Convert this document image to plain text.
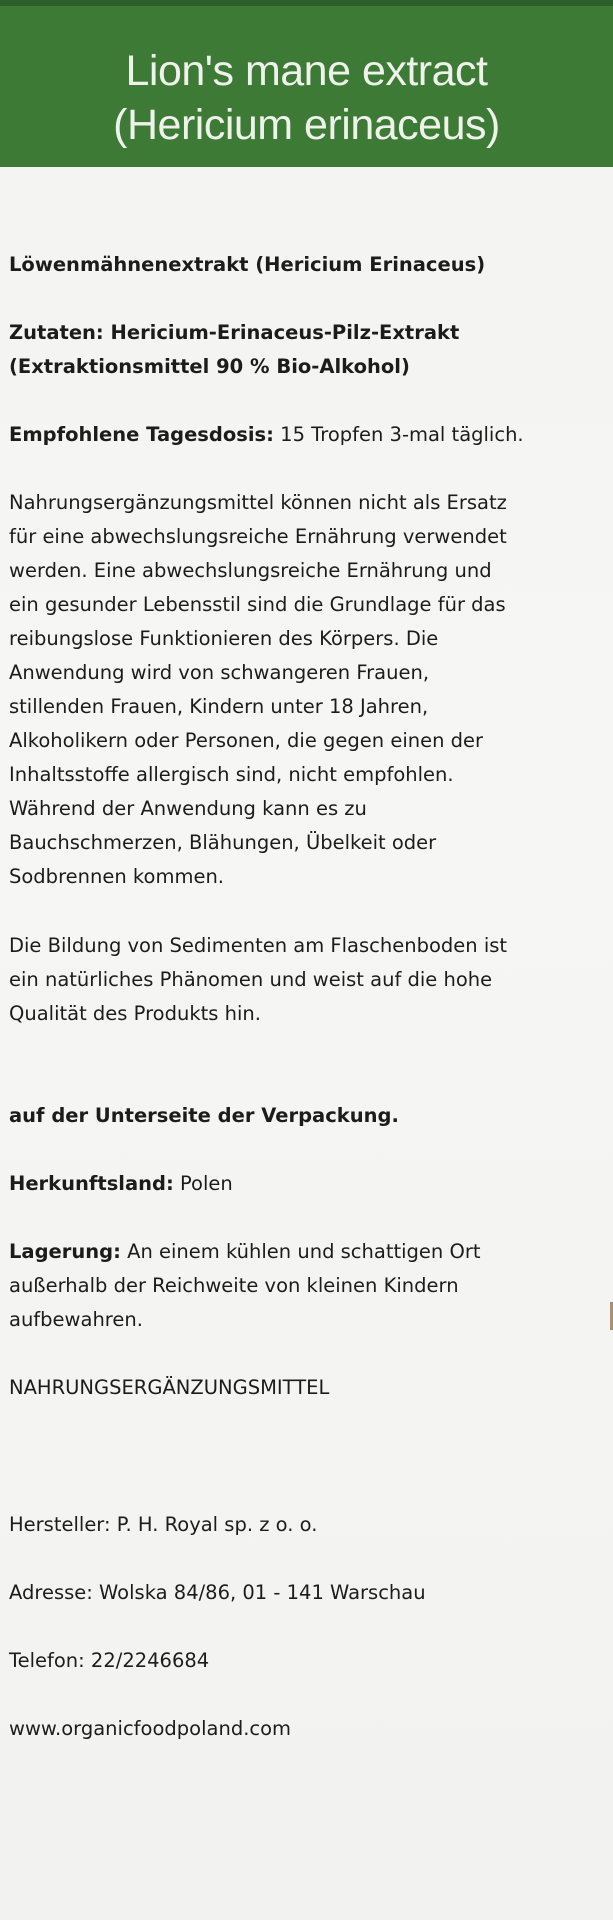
Lion's mane extract
(Hericium erinaceus)

Löwenmähnenextrakt (Hericium Erinaceus)

Zutaten: Hericium-Erinaceus-Pilz-Extrakt
(Extraktionsmittel 90 % Bio-Alkohol)

Empfohlene Tagesdosis: 15 Tropfen 3-mal täglich.

Nahrungsergänzungsmittel können nicht als Ersatz
für eine abwechslungsreiche Ernährung verwendet
werden. Eine abwechslungsreiche Ernährung und
ein gesunder Lebensstil sind die Grundlage für das
reibungslose Funktionieren des Körpers. Die
Anwendung wird von schwangeren Frauen,
stillenden Frauen, Kindern unter 18 Jahren,
Alkoholikern oder Personen, die gegen einen der
Inhaltsstoffe allergisch sind, nicht empfohlen.
Während der Anwendung kann es zu
Bauchschmerzen, Blähungen, Übelkeit oder
Sodbrennen kommen.

Die Bildung von Sedimenten am Flaschenboden ist
ein natürliches Phänomen und weist auf die hohe
Qualität des Produkts hin.

auf der Unterseite der Verpackung.

Herkunftsland: Polen

Lagerung: An einem kühlen und schattigen Ort
außerhalb der Reichweite von kleinen Kindern
aufbewahren.

NAHRUNGSERGÄNZUNGSMITTEL

Hersteller: P. H. Royal sp. z o. o.

Adresse: Wolska 84/86, 01 - 141 Warschau

Telefon: 22/2246684

www.organicfoodpoland.com
